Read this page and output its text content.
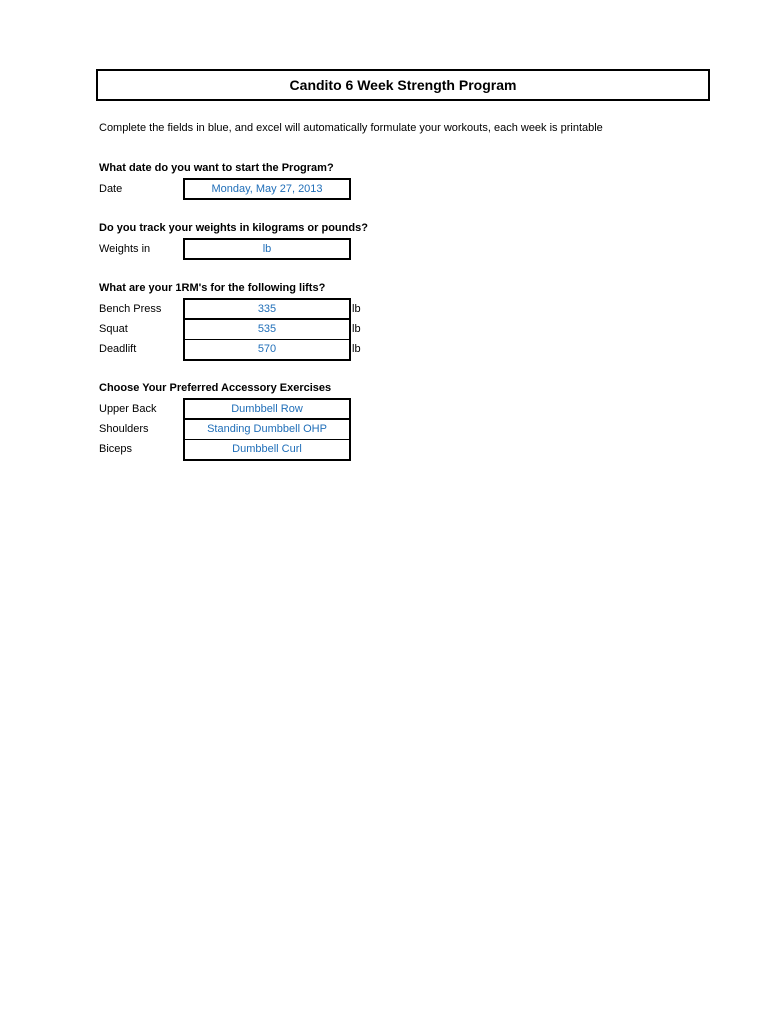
Candito 6 Week Strength Program
Complete the fields in blue, and excel will automatically formulate your workouts, each week is printable
What date do you want to start the Program?
Date	Monday, May 27, 2013
Do you track your weights in kilograms or pounds?
Weights in	lb
What are your 1RM's for the following lifts?
Bench Press	335	lb
Squat	535	lb
Deadlift	570	lb
Choose Your Preferred Accessory Exercises
Upper Back	Dumbbell Row
Shoulders	Standing Dumbbell OHP
Biceps	Dumbbell Curl
